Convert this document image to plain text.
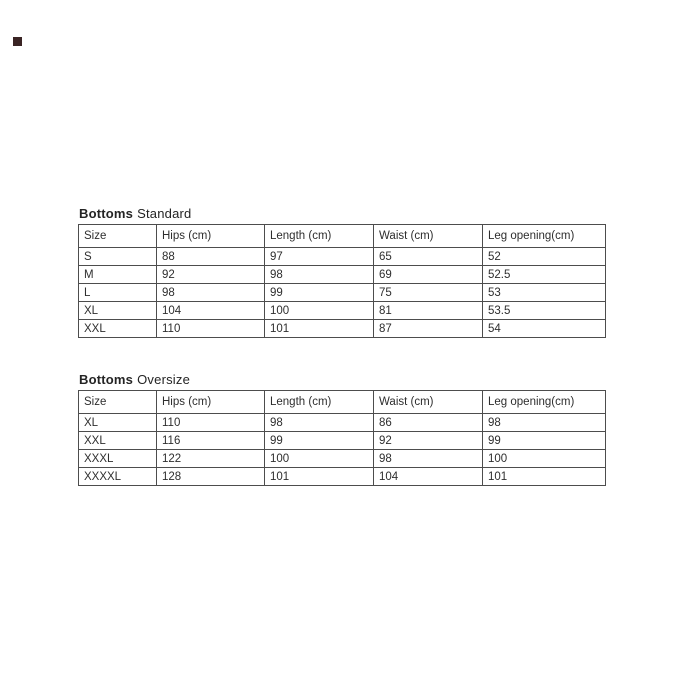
Bottoms Standard
Size	Hips (cm)	Length (cm)	Waist (cm)	Leg opening(cm)
S	88	97	65	52
M	92	98	69	52.5
L	98	99	75	53
XL	104	100	81	53.5
XXL	110	101	87	54
Bottoms Oversize
Size	Hips (cm)	Length (cm)	Waist (cm)	Leg opening(cm)
XL	110	98	86	98
XXL	116	99	92	99
XXXL	122	100	98	100
XXXXL	128	101	104	101
